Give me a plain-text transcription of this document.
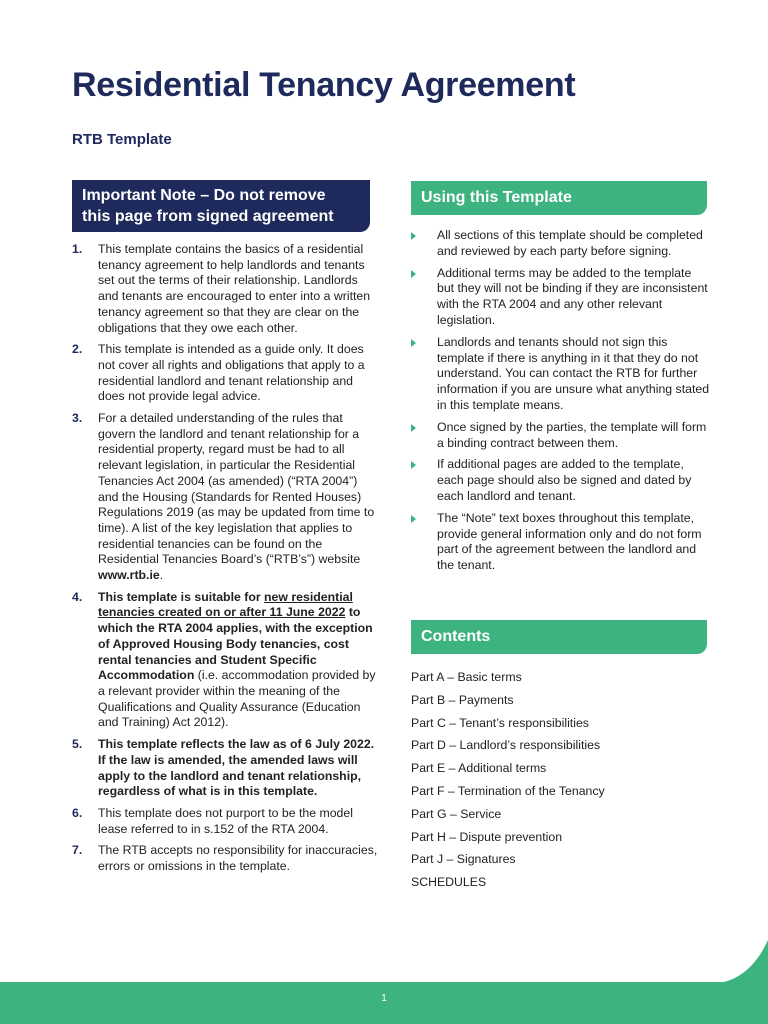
Residential Tenancy Agreement
RTB Template
Important Note – Do not remove
this page from signed agreement
1. This template contains the basics of a residential tenancy agreement to help landlords and tenants set out the terms of their relationship. Landlords and tenants are encouraged to enter into a written tenancy agreement so that they are clear on the obligations that they owe each other.
2. This template is intended as a guide only. It does not cover all rights and obligations that apply to a residential landlord and tenant relationship and does not provide legal advice.
3. For a detailed understanding of the rules that govern the landlord and tenant relationship for a residential property, regard must be had to all relevant legislation, in particular the Residential Tenancies Act 2004 (as amended) (“RTA 2004”) and the Housing (Standards for Rented Houses) Regulations 2019 (as may be updated from time to time). A list of the key legislation that applies to residential tenancies can be found on the Residential Tenancies Board’s (“RTB’s”) website www.rtb.ie.
4. This template is suitable for new residential tenancies created on or after 11 June 2022 to which the RTA 2004 applies, with the exception of Approved Housing Body tenancies, cost rental tenancies and Student Specific Accommodation (i.e. accommodation provided by a relevant provider within the meaning of the Qualifications and Quality Assurance (Education and Training) Act 2012).
5. This template reflects the law as of 6 July 2022. If the law is amended, the amended laws will apply to the landlord and tenant relationship, regardless of what is in this template.
6. This template does not purport to be the model lease referred to in s.152 of the RTA 2004.
7. The RTB accepts no responsibility for inaccuracies, errors or omissions in the template.
Using this Template
All sections of this template should be completed and reviewed by each party before signing.
Additional terms may be added to the template but they will not be binding if they are inconsistent with the RTA 2004 and any other relevant legislation.
Landlords and tenants should not sign this template if there is anything in it that they do not understand. You can contact the RTB for further information if you are unsure what anything stated in this template means.
Once signed by the parties, the template will form a binding contract between them.
If additional pages are added to the template, each page should also be signed and dated by each landlord and tenant.
The “Note” text boxes throughout this template, provide general information only and do not form part of the agreement between the landlord and the tenant.
Contents
Part A – Basic terms
Part B – Payments
Part C – Tenant’s responsibilities
Part D – Landlord’s responsibilities
Part E – Additional terms
Part F – Termination of the Tenancy
Part G – Service
Part H – Dispute prevention
Part J – Signatures
SCHEDULES
1
